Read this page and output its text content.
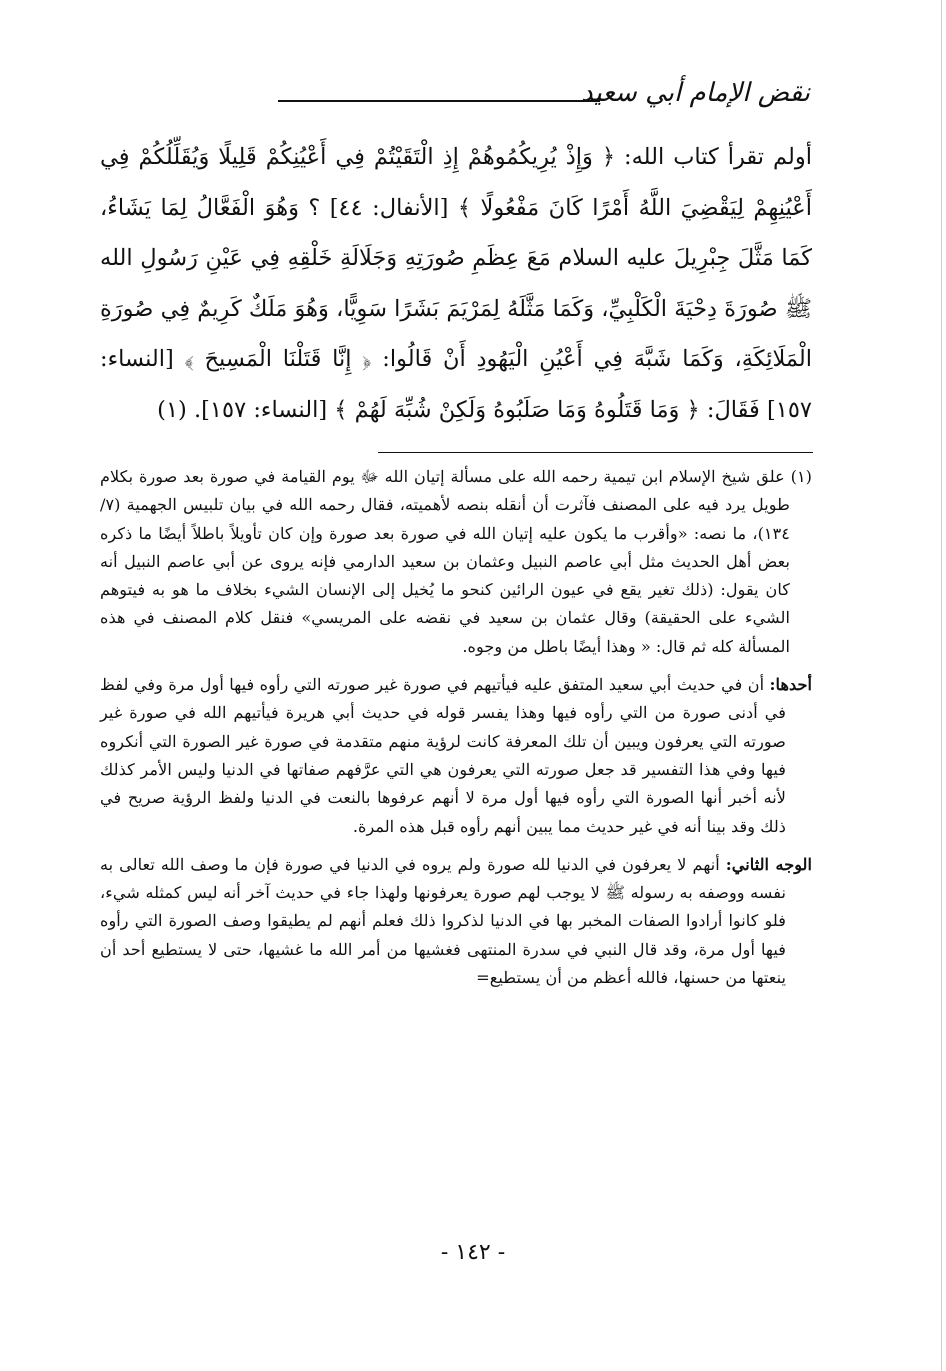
نقض الإمام أبي سعيد

أولم تقرأ كتاب الله: ﴿ وَإِذْ يُرِيكُمُوهُمْ إِذِ الْتَقَيْتُمْ فِي أَعْيُنِكُمْ قَلِيلًا وَيُقَلِّلُكُمْ فِي أَعْيُنِهِمْ لِيَقْضِيَ اللَّهُ أَمْرًا كَانَ مَفْعُولًا ﴾ [الأنفال: ٤٤] ؟ وَهُوَ الْفَعَّالُ لِمَا يَشَاءُ، كَمَا مَثَّلَ جِبْرِيلَ عليه السلام مَعَ عِظَمِ صُورَتِهِ وَجَلَالَةِ خَلْقِهِ فِي عَيْنِ رَسُولِ الله ﷺ صُورَةَ دِحْيَةَ الْكَلْبِيِّ، وَكَمَا مَثَّلَهُ لِمَرْيَمَ بَشَرًا سَوِيًّا، وَهُوَ مَلَكٌ كَرِيمٌ فِي صُورَةِ الْمَلَائِكَةِ، وَكَمَا شَبَّهَ فِي أَعْيُنِ الْيَهُودِ أَنْ قَالُوا: ﴿ إِنَّا قَتَلْنَا الْمَسِيحَ ﴾ [النساء: ١٥٧] فَقَالَ: ﴿ وَمَا قَتَلُوهُ وَمَا صَلَبُوهُ وَلَكِنْ شُبِّهَ لَهُمْ ﴾ [النساء: ١٥٧]. (١)

(١) علق شيخ الإسلام ابن تيمية رحمه الله على مسألة إتيان الله ﷻ يوم القيامة في صورة بعد صورة بكلام طويل يرد فيه على المصنف فآثرت أن أنقله بنصه لأهميته، فقال رحمه الله في بيان تلبيس الجهمية (٧/ ١٣٤)، ما نصه: «وأقرب ما يكون عليه إتيان الله في صورة بعد صورة وإن كان تأويلاً باطلاً أيضًا ما ذكره بعض أهل الحديث مثل أبي عاصم النبيل وعثمان بن سعيد الدارمي فإنه يروى عن أبي عاصم النبيل أنه كان يقول: (ذلك تغير يقع في عيون الرائين كنحو ما يُخيل إلى الإنسان الشيء بخلاف ما هو به فيتوهم الشيء على الحقيقة) وقال عثمان بن سعيد في نقضه على المريسي» فنقل كلام المصنف في هذه المسألة كله ثم قال: « وهذا أيضًا باطل من وجوه.

أحدها: أن في حديث أبي سعيد المتفق عليه فيأتيهم في صورة غير صورته التي رأوه فيها أول مرة وفي لفظ في أدنى صورة من التي رأوه فيها وهذا يفسر قوله في حديث أبي هريرة فيأتيهم الله في صورة غير صورته التي يعرفون ويبين أن تلك المعرفة كانت لرؤية منهم متقدمة في صورة غير الصورة التي أنكروه فيها وفي هذا التفسير قد جعل صورته التي يعرفون هي التي عرَّفهم صفاتها في الدنيا وليس الأمر كذلك لأنه أخبر أنها الصورة التي رأوه فيها أول مرة لا أنهم عرفوها بالنعت في الدنيا ولفظ الرؤية صريح في ذلك وقد بينا أنه في غير حديث مما يبين أنهم رأوه قبل هذه المرة.

الوجه الثاني: أنهم لا يعرفون في الدنيا لله صورة ولم يروه في الدنيا في صورة فإن ما وصف الله تعالى به نفسه ووصفه به رسوله ﷺ لا يوجب لهم صورة يعرفونها ولهذا جاء في حديث آخر أنه ليس كمثله شيء، فلو كانوا أرادوا الصفات المخبر بها في الدنيا لذكروا ذلك فعلم أنهم لم يطيقوا وصف الصورة التي رأوه فيها أول مرة، وقد قال النبي في سدرة المنتهى فغشيها من أمر الله ما غشيها، حتى لا يستطيع أحد أن ينعتها من حسنها، فالله أعظم من أن يستطيع=

- ١٤٢ -
